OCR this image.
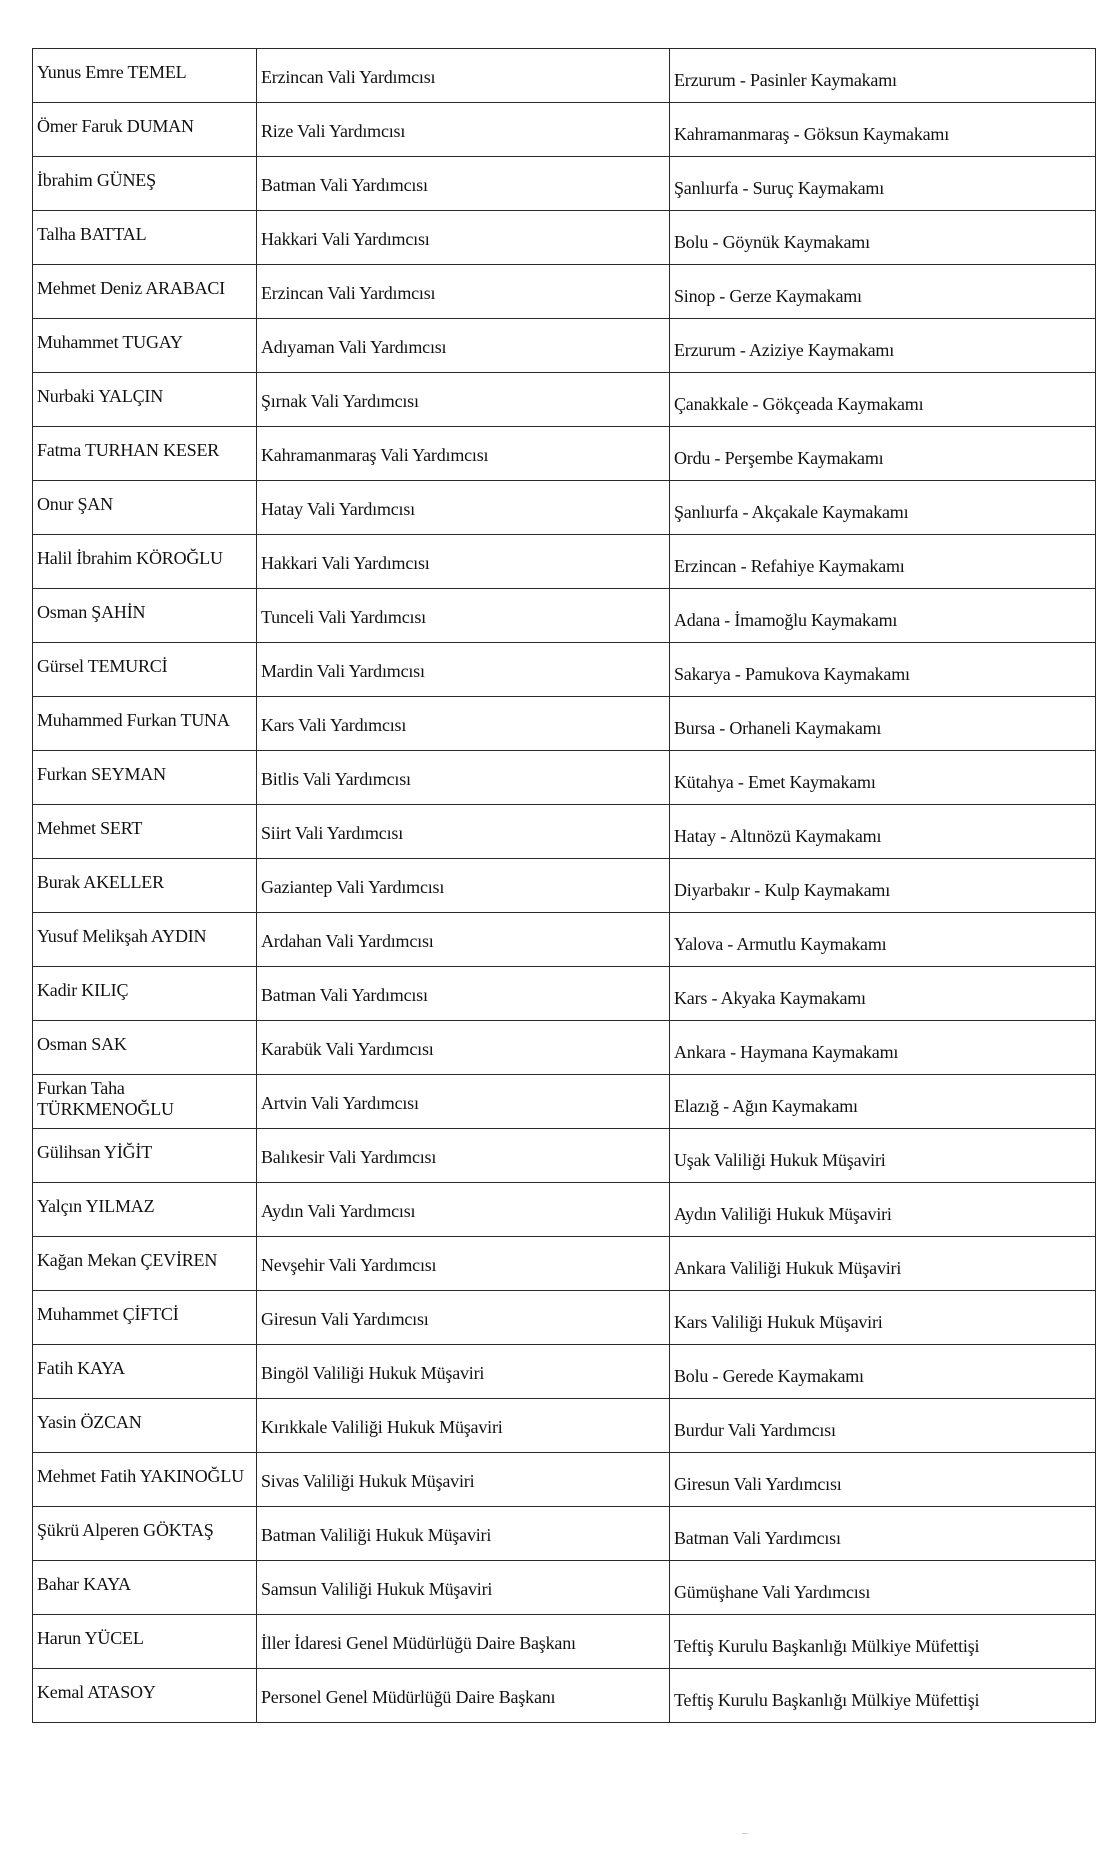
Yunus Emre TEMEL	Erzincan Vali Yardımcısı	Erzurum - Pasinler Kaymakamı
Ömer Faruk DUMAN	Rize Vali Yardımcısı	Kahramanmaraş - Göksun Kaymakamı
İbrahim GÜNEŞ	Batman Vali Yardımcısı	Şanlıurfa - Suruç Kaymakamı
Talha BATTAL	Hakkari Vali Yardımcısı	Bolu - Göynük Kaymakamı
Mehmet Deniz ARABACI	Erzincan Vali Yardımcısı	Sinop - Gerze Kaymakamı
Muhammet TUGAY	Adıyaman Vali Yardımcısı	Erzurum - Aziziye Kaymakamı
Nurbaki YALÇIN	Şırnak Vali Yardımcısı	Çanakkale - Gökçeada Kaymakamı
Fatma TURHAN KESER	Kahramanmaraş Vali Yardımcısı	Ordu - Perşembe Kaymakamı
Onur ŞAN	Hatay Vali Yardımcısı	Şanlıurfa - Akçakale Kaymakamı
Halil İbrahim KÖROĞLU	Hakkari Vali Yardımcısı	Erzincan - Refahiye Kaymakamı
Osman ŞAHİN	Tunceli Vali Yardımcısı	Adana - İmamoğlu Kaymakamı
Gürsel TEMURCİ	Mardin Vali Yardımcısı	Sakarya - Pamukova Kaymakamı
Muhammed Furkan TUNA	Kars Vali Yardımcısı	Bursa - Orhaneli Kaymakamı
Furkan SEYMAN	Bitlis Vali Yardımcısı	Kütahya - Emet Kaymakamı
Mehmet SERT	Siirt Vali Yardımcısı	Hatay - Altınözü Kaymakamı
Burak AKELLER	Gaziantep Vali Yardımcısı	Diyarbakır - Kulp Kaymakamı
Yusuf Melikşah AYDIN	Ardahan Vali Yardımcısı	Yalova - Armutlu Kaymakamı
Kadir KILIÇ	Batman Vali Yardımcısı	Kars - Akyaka Kaymakamı
Osman SAK	Karabük Vali Yardımcısı	Ankara - Haymana Kaymakamı
Furkan Taha TÜRKMENOĞLU	Artvin Vali Yardımcısı	Elazığ - Ağın Kaymakamı
Gülihsan YİĞİT	Balıkesir Vali Yardımcısı	Uşak Valiliği Hukuk Müşaviri
Yalçın YILMAZ	Aydın Vali Yardımcısı	Aydın Valiliği Hukuk Müşaviri
Kağan Mekan ÇEVİREN	Nevşehir Vali Yardımcısı	Ankara Valiliği Hukuk Müşaviri
Muhammet ÇİFTCİ	Giresun Vali Yardımcısı	Kars Valiliği Hukuk Müşaviri
Fatih KAYA	Bingöl Valiliği Hukuk Müşaviri	Bolu - Gerede Kaymakamı
Yasin ÖZCAN	Kırıkkale Valiliği Hukuk Müşaviri	Burdur Vali Yardımcısı
Mehmet Fatih YAKINOĞLU	Sivas Valiliği Hukuk Müşaviri	Giresun Vali Yardımcısı
Şükrü Alperen GÖKTAŞ	Batman Valiliği Hukuk Müşaviri	Batman Vali Yardımcısı
Bahar KAYA	Samsun Valiliği Hukuk Müşaviri	Gümüşhane Vali Yardımcısı
Harun YÜCEL	İller İdaresi Genel Müdürlüğü Daire Başkanı	Teftiş Kurulu Başkanlığı Mülkiye Müfettişi
Kemal ATASOY	Personel Genel Müdürlüğü Daire Başkanı	Teftiş Kurulu Başkanlığı Mülkiye Müfettişi
